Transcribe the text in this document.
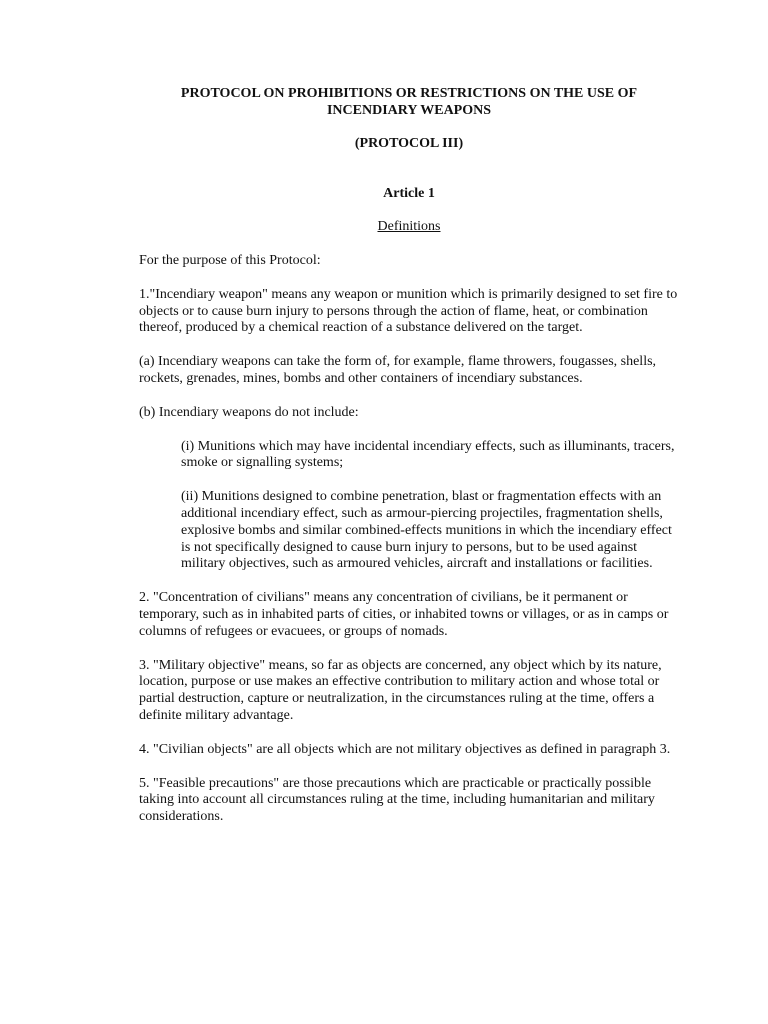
PROTOCOL ON PROHIBITIONS OR RESTRICTIONS ON THE USE OF
INCENDIARY WEAPONS
(PROTOCOL III)
Article 1
Definitions

For the purpose of this Protocol:

1."Incendiary weapon" means any weapon or munition which is primarily designed to set fire to objects or to cause burn injury to persons through the action of flame, heat, or combination thereof, produced by a chemical reaction of a substance delivered on the target.

(a) Incendiary weapons can take the form of, for example, flame throwers, fougasses, shells, rockets, grenades, mines, bombs and other containers of incendiary substances.

(b) Incendiary weapons do not include:

(i) Munitions which may have incidental incendiary effects, such as illuminants, tracers, smoke or signalling systems;

(ii) Munitions designed to combine penetration, blast or fragmentation effects with an additional incendiary effect, such as armour-piercing projectiles, fragmentation shells, explosive bombs and similar combined-effects munitions in which the incendiary effect is not specifically designed to cause burn injury to persons, but to be used against military objectives, such as armoured vehicles, aircraft and installations or facilities.

2. "Concentration of civilians" means any concentration of civilians, be it permanent or temporary, such as in inhabited parts of cities, or inhabited towns or villages, or as in camps or columns of refugees or evacuees, or groups of nomads.

3. "Military objective" means, so far as objects are concerned, any object which by its nature, location, purpose or use makes an effective contribution to military action and whose total or partial destruction, capture or neutralization, in the circumstances ruling at the time, offers a definite military advantage.

4. "Civilian objects" are all objects which are not military objectives as defined in paragraph 3.

5. "Feasible precautions" are those precautions which are practicable or practically possible taking into account all circumstances ruling at the time, including humanitarian and military considerations.
